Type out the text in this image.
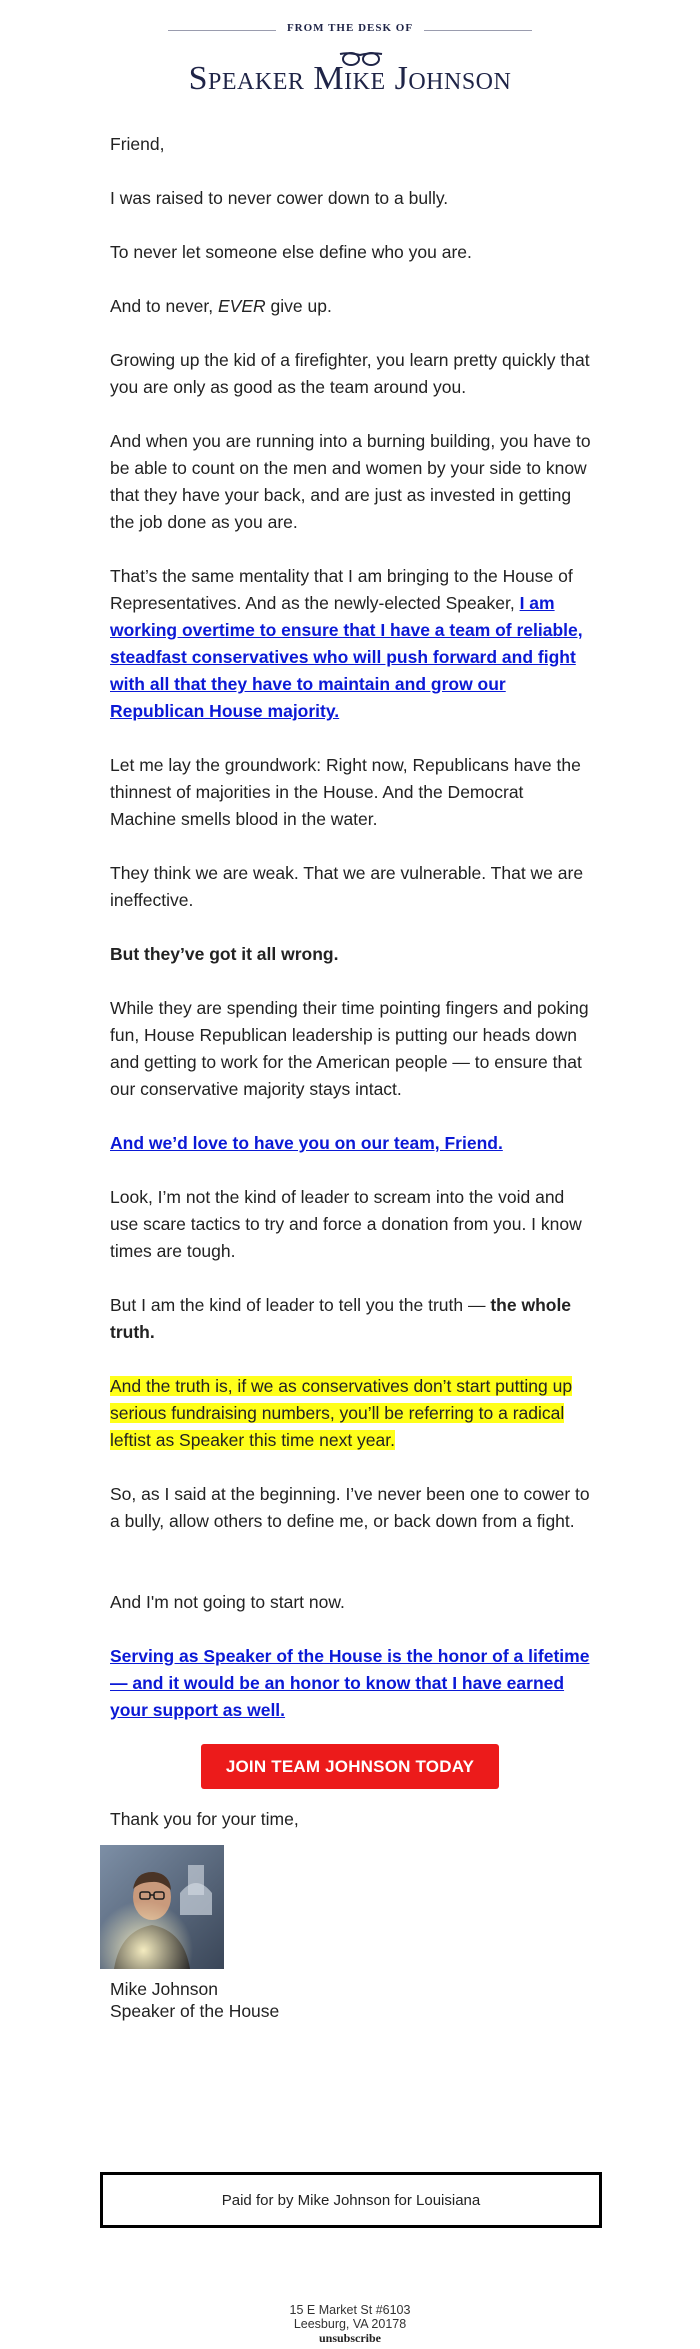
FROM THE DESK OF
Speaker Mike Johnson

Friend,

I was raised to never cower down to a bully.

To never let someone else define who you are.

And to never, EVER give up.

Growing up the kid of a firefighter, you learn pretty quickly that you are only as good as the team around you.

And when you are running into a burning building, you have to be able to count on the men and women by your side to know that they have your back, and are just as invested in getting the job done as you are.

That’s the same mentality that I am bringing to the House of Representatives. And as the newly-elected Speaker, I am working overtime to ensure that I have a team of reliable, steadfast conservatives who will push forward and fight with all that they have to maintain and grow our Republican House majority.

Let me lay the groundwork: Right now, Republicans have the thinnest of majorities in the House. And the Democrat Machine smells blood in the water.

They think we are weak. That we are vulnerable. That we are ineffective.

But they’ve got it all wrong.

While they are spending their time pointing fingers and poking fun, House Republican leadership is putting our heads down and getting to work for the American people — to ensure that our conservative majority stays intact.

And we’d love to have you on our team, Friend.

Look, I’m not the kind of leader to scream into the void and use scare tactics to try and force a donation from you. I know times are tough.

But I am the kind of leader to tell you the truth — the whole truth.

And the truth is, if we as conservatives don’t start putting up serious fundraising numbers, you’ll be referring to a radical leftist as Speaker this time next year.

So, as I said at the beginning. I’ve never been one to cower to a bully, allow others to define me, or back down from a fight.

And I'm not going to start now.

Serving as Speaker of the House is the honor of a lifetime — and it would be an honor to know that I have earned your support as well.

JOIN TEAM JOHNSON TODAY
Thank you for your time,
Mike Johnson
Speaker of the House
Paid for by Mike Johnson for Louisiana
15 E Market St #6103
Leesburg, VA 20178
unsubscribe
